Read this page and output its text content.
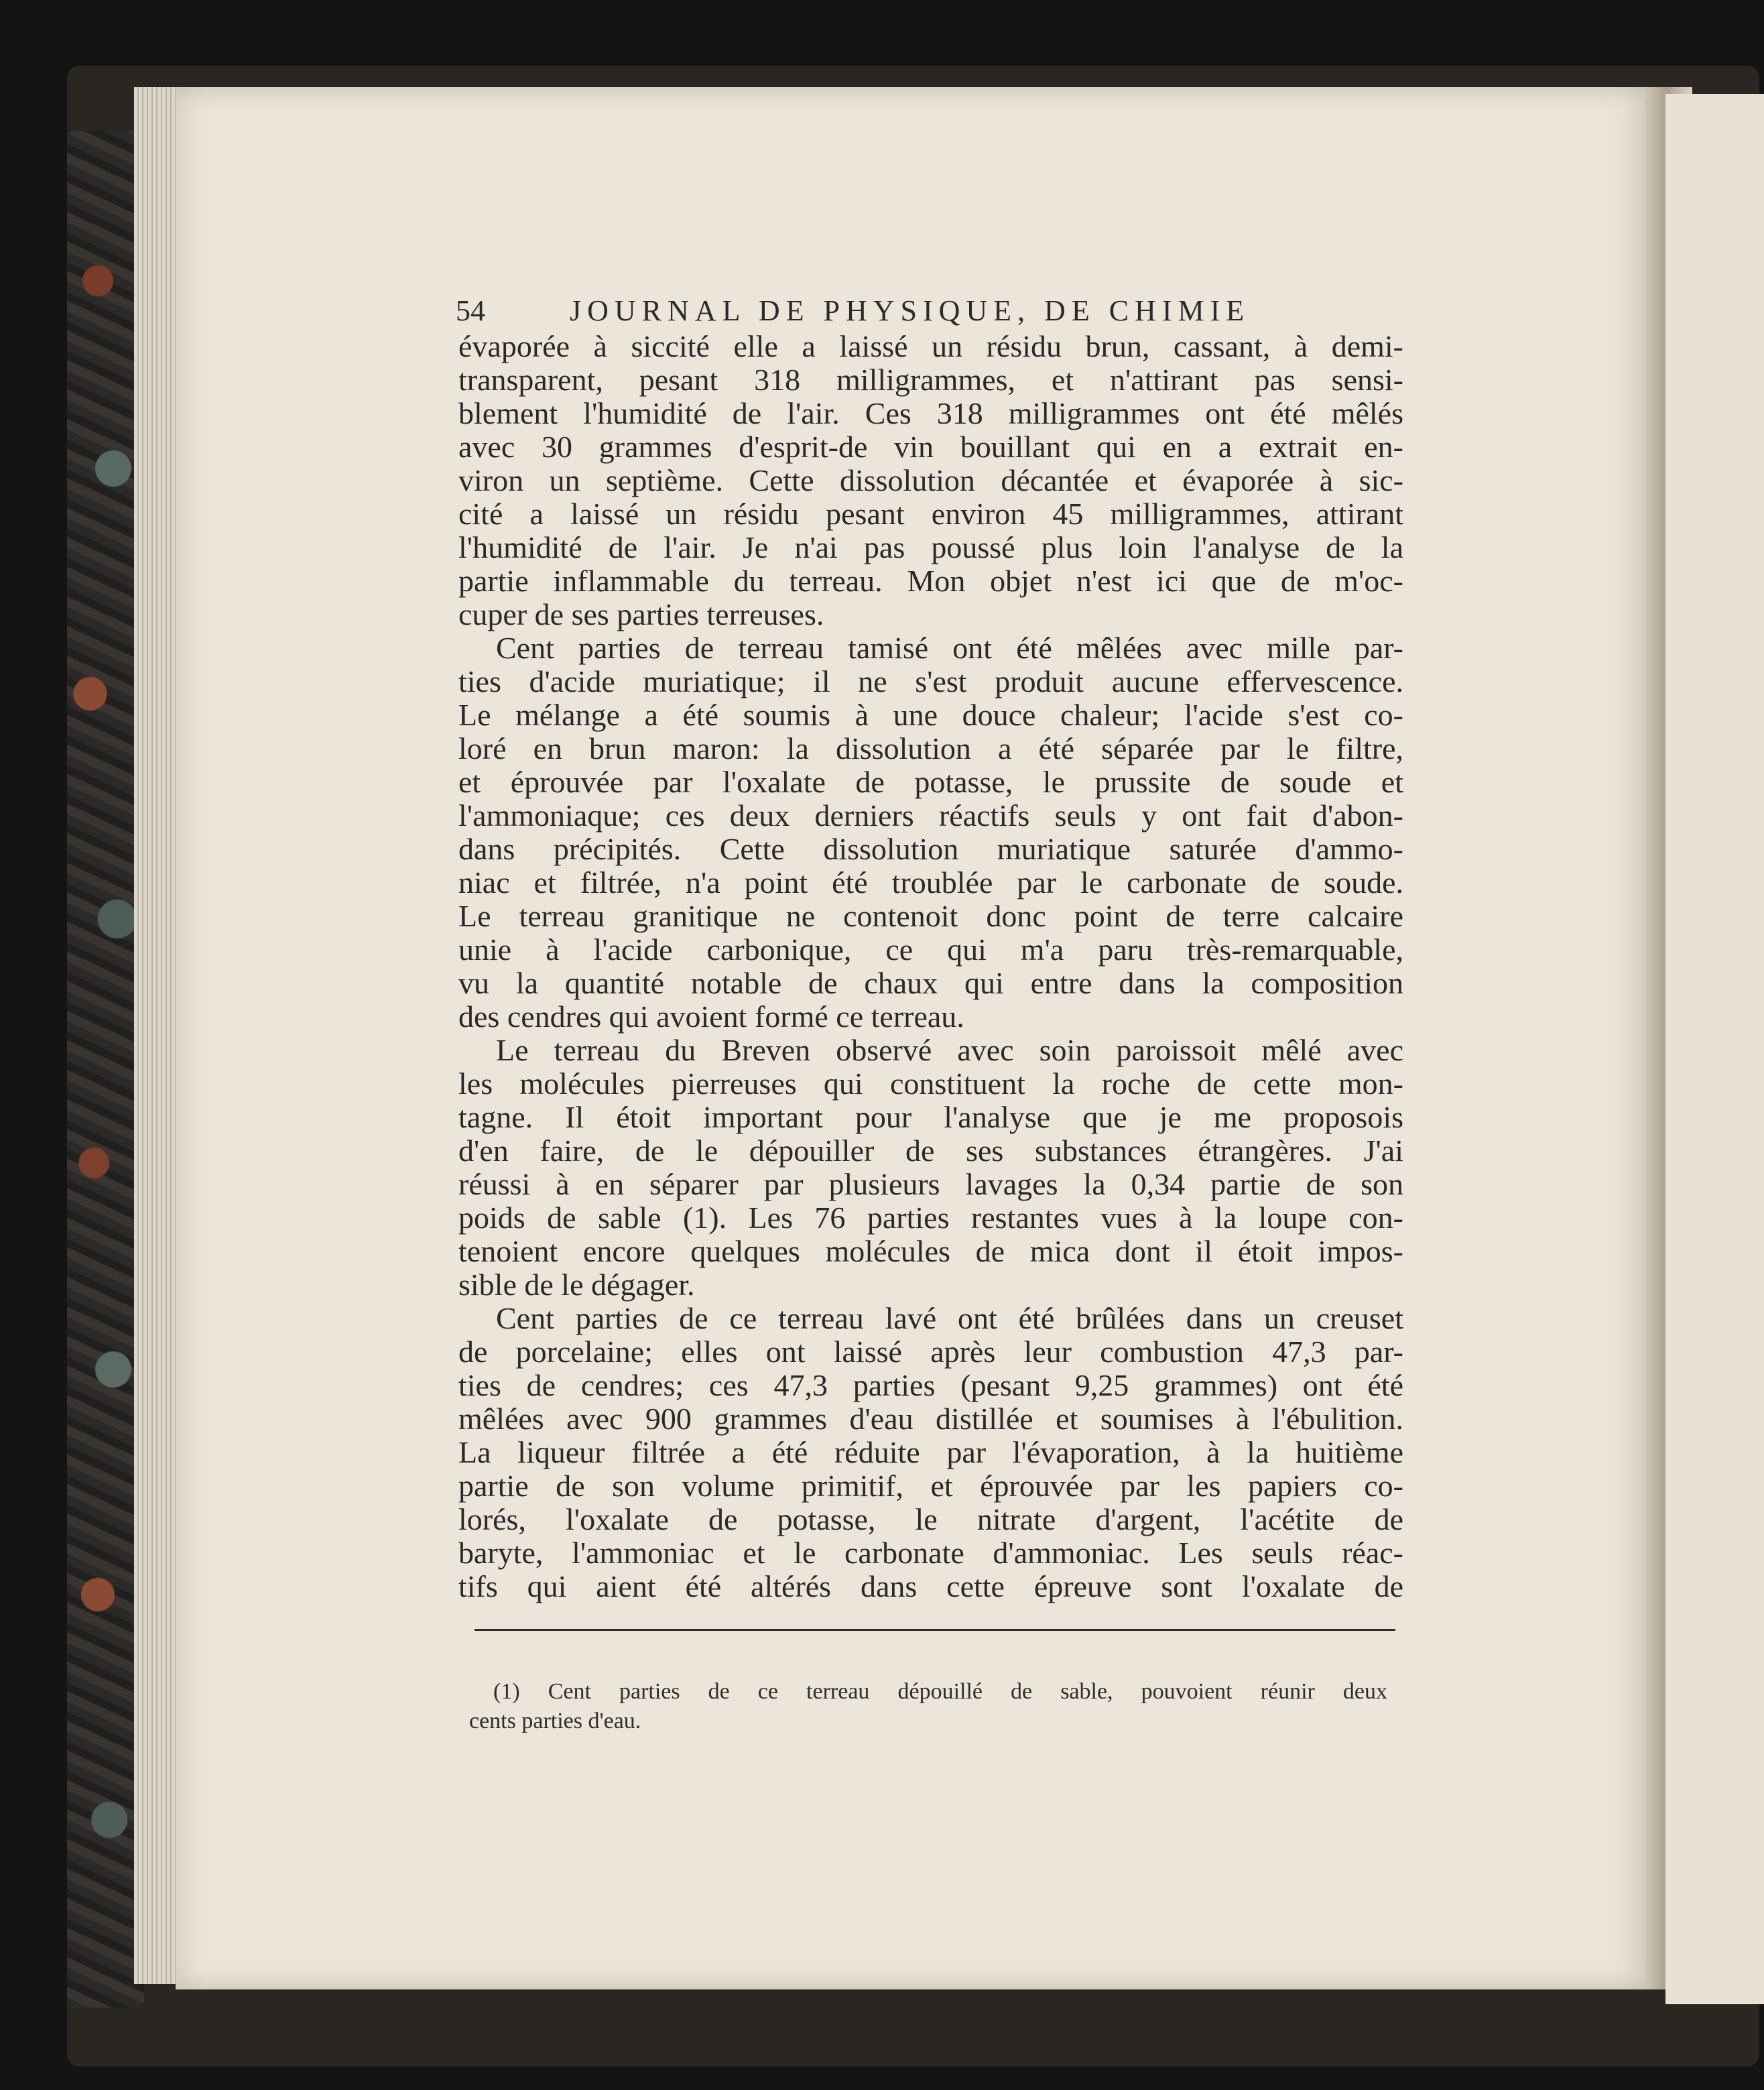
54	JOURNAL DE PHYSIQUE, DE CHIMIE
évaporée à siccité elle a laissé un résidu brun, cassant, à demi-
transparent, pesant 318 milligrammes, et n'attirant pas sensi-
blement l'humidité de l'air. Ces 318 milligrammes ont été mêlés
avec 30 grammes d'esprit-de vin bouillant qui en a extrait en-
viron un septième. Cette dissolution décantée et évaporée à sic-
cité a laissé un résidu pesant environ 45 milligrammes, attirant
l'humidité de l'air. Je n'ai pas poussé plus loin l'analyse de la
partie inflammable du terreau. Mon objet n'est ici que de m'oc-
cuper de ses parties terreuses.
Cent parties de terreau tamisé ont été mêlées avec mille par-
ties d'acide muriatique; il ne s'est produit aucune effervescence.
Le mélange a été soumis à une douce chaleur; l'acide s'est co-
loré en brun maron: la dissolution a été séparée par le filtre,
et éprouvée par l'oxalate de potasse, le prussite de soude et
l'ammoniaque; ces deux derniers réactifs seuls y ont fait d'abon-
dans précipités. Cette dissolution muriatique saturée d'ammo-
niac et filtrée, n'a point été troublée par le carbonate de soude.
Le terreau granitique ne contenoit donc point de terre calcaire
unie à l'acide carbonique, ce qui m'a paru très-remarquable,
vu la quantité notable de chaux qui entre dans la composition
des cendres qui avoient formé ce terreau.
Le terreau du Breven observé avec soin paroissoit mêlé avec
les molécules pierreuses qui constituent la roche de cette mon-
tagne. Il étoit important pour l'analyse que je me proposois
d'en faire, de le dépouiller de ses substances étrangères. J'ai
réussi à en séparer par plusieurs lavages la 0,34 partie de son
poids de sable (1). Les 76 parties restantes vues à la loupe con-
tenoient encore quelques molécules de mica dont il étoit impos-
sible de le dégager.
Cent parties de ce terreau lavé ont été brûlées dans un creuset
de porcelaine; elles ont laissé après leur combustion 47,3 par-
ties de cendres; ces 47,3 parties (pesant 9,25 grammes) ont été
mêlées avec 900 grammes d'eau distillée et soumises à l'ébulition.
La liqueur filtrée a été réduite par l'évaporation, à la huitième
partie de son volume primitif, et éprouvée par les papiers co-
lorés, l'oxalate de potasse, le nitrate d'argent, l'acétite de
baryte, l'ammoniac et le carbonate d'ammoniac. Les seuls réac-
tifs qui aient été altérés dans cette épreuve sont l'oxalate de
(1) Cent parties de ce terreau dépouillé de sable, pouvoient réunir deux
cents parties d'eau.
